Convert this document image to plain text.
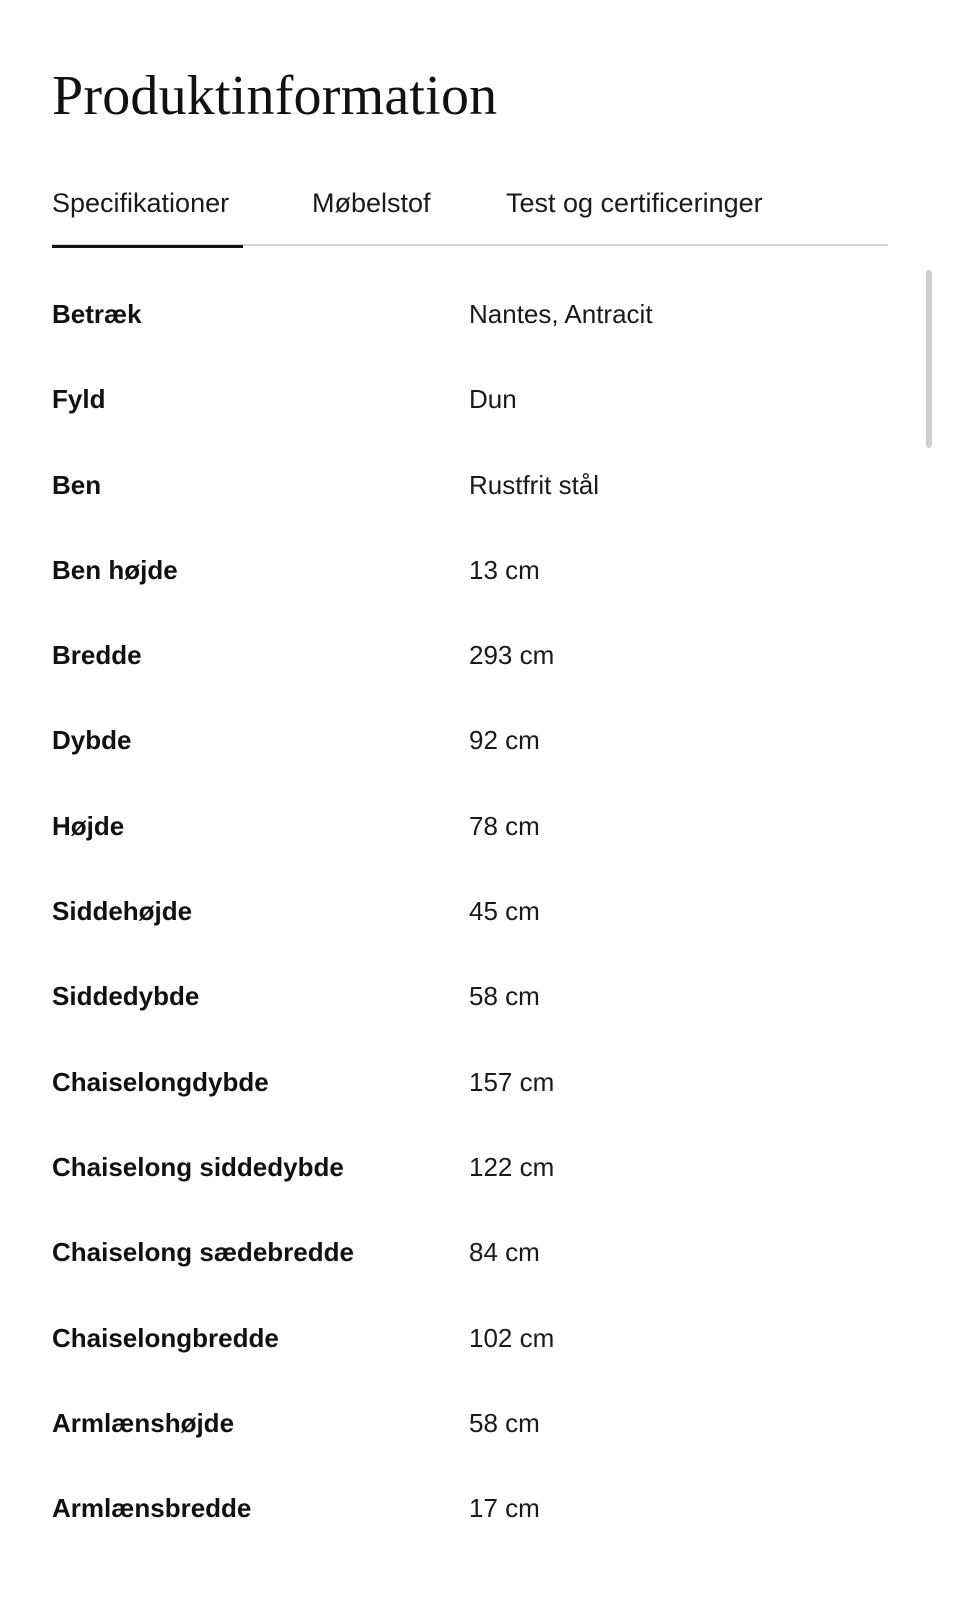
Produktinformation
Specifikationer	Møbelstof	Test og certificeringer
Betræk	Nantes, Antracit
Fyld	Dun
Ben	Rustfrit stål
Ben højde	13 cm
Bredde	293 cm
Dybde	92 cm
Højde	78 cm
Siddehøjde	45 cm
Siddedybde	58 cm
Chaiselongdybde	157 cm
Chaiselong siddedybde	122 cm
Chaiselong sædebredde	84 cm
Chaiselongbredde	102 cm
Armlænshøjde	58 cm
Armlænsbredde	17 cm
